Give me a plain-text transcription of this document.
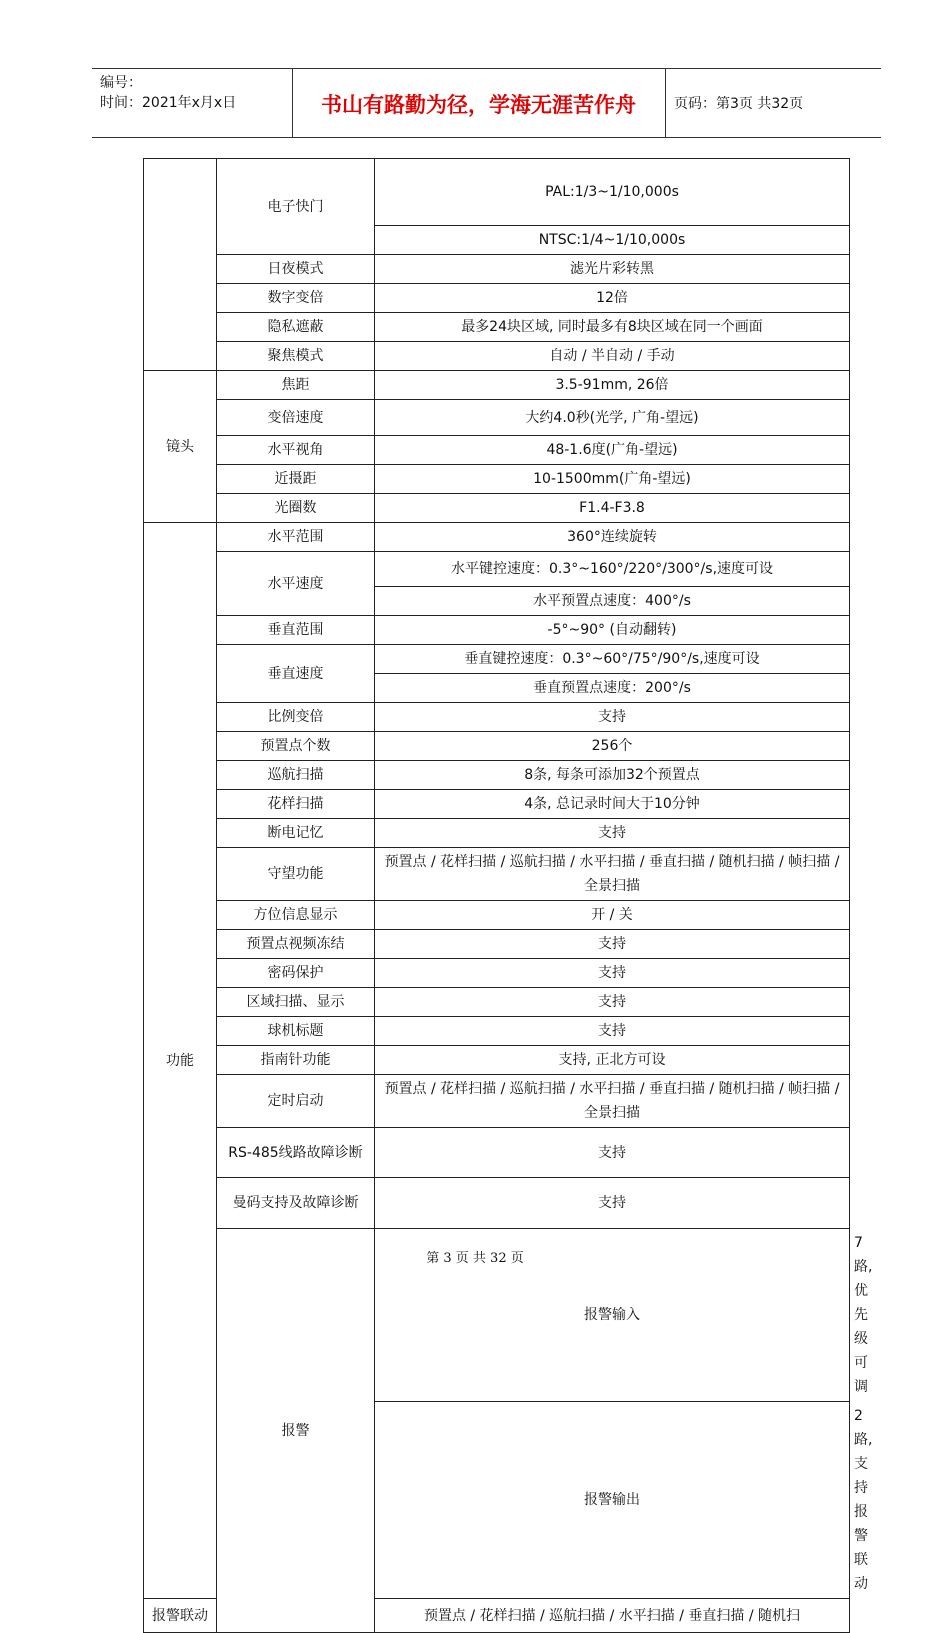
编号：
时间：2021年x月x日	书山有路勤为径，学海无涯苦作舟	页码：第3页 共32页
	电子快门	PAL:1/3~1/10,000s	
		NTSC:1/4~1/10,000s	
	日夜模式	滤光片彩转黑	
	数字变倍	12倍	
	隐私遮蔽	最多24块区域, 同时最多有8块区域在同一个画面	
	聚焦模式	自动 / 半自动 / 手动	
镜头	焦距	3.5-91mm, 26倍	
	变倍速度	大约4.0秒(光学, 广角-望远)	
	水平视角	48-1.6度(广角-望远)	
	近摄距	10-1500mm(广角-望远)	
	光圈数	F1.4-F3.8	
功能	水平范围	360°连续旋转	
	水平速度	水平键控速度：0.3°~160°/220°/300°/s,速度可设	
		水平预置点速度：400°/s	
	垂直范围	-5°~90° (自动翻转)	
	垂直速度	垂直键控速度：0.3°~60°/75°/90°/s,速度可设	
		垂直预置点速度：200°/s	
	比例变倍	支持	
	预置点个数	256个	
	巡航扫描	8条, 每条可添加32个预置点	
	花样扫描	4条, 总记录时间大于10分钟	
	断电记忆	支持	
	守望功能	预置点 / 花样扫描 / 巡航扫描 / 水平扫描 / 垂直扫描 / 随机扫描 / 帧扫描 / 全景扫描	
	方位信息显示	开 / 关	
	预置点视频冻结	支持	
	密码保护	支持	
	区域扫描、显示	支持	
	球机标题	支持	
	指南针功能	支持, 正北方可设	
	定时启动	预置点 / 花样扫描 / 巡航扫描 / 水平扫描 / 垂直扫描 / 随机扫描 / 帧扫描 / 全景扫描	
	RS-485线路故障诊断	支持	
	曼码支持及故障诊断	支持	
	报警	报警输入	7路, 优先级可调
		报警输出	2路, 支持报警联动
报警联动		预置点 / 花样扫描 / 巡航扫描 / 水平扫描 / 垂直扫描 / 随机扫	
第 3 页 共 32 页
